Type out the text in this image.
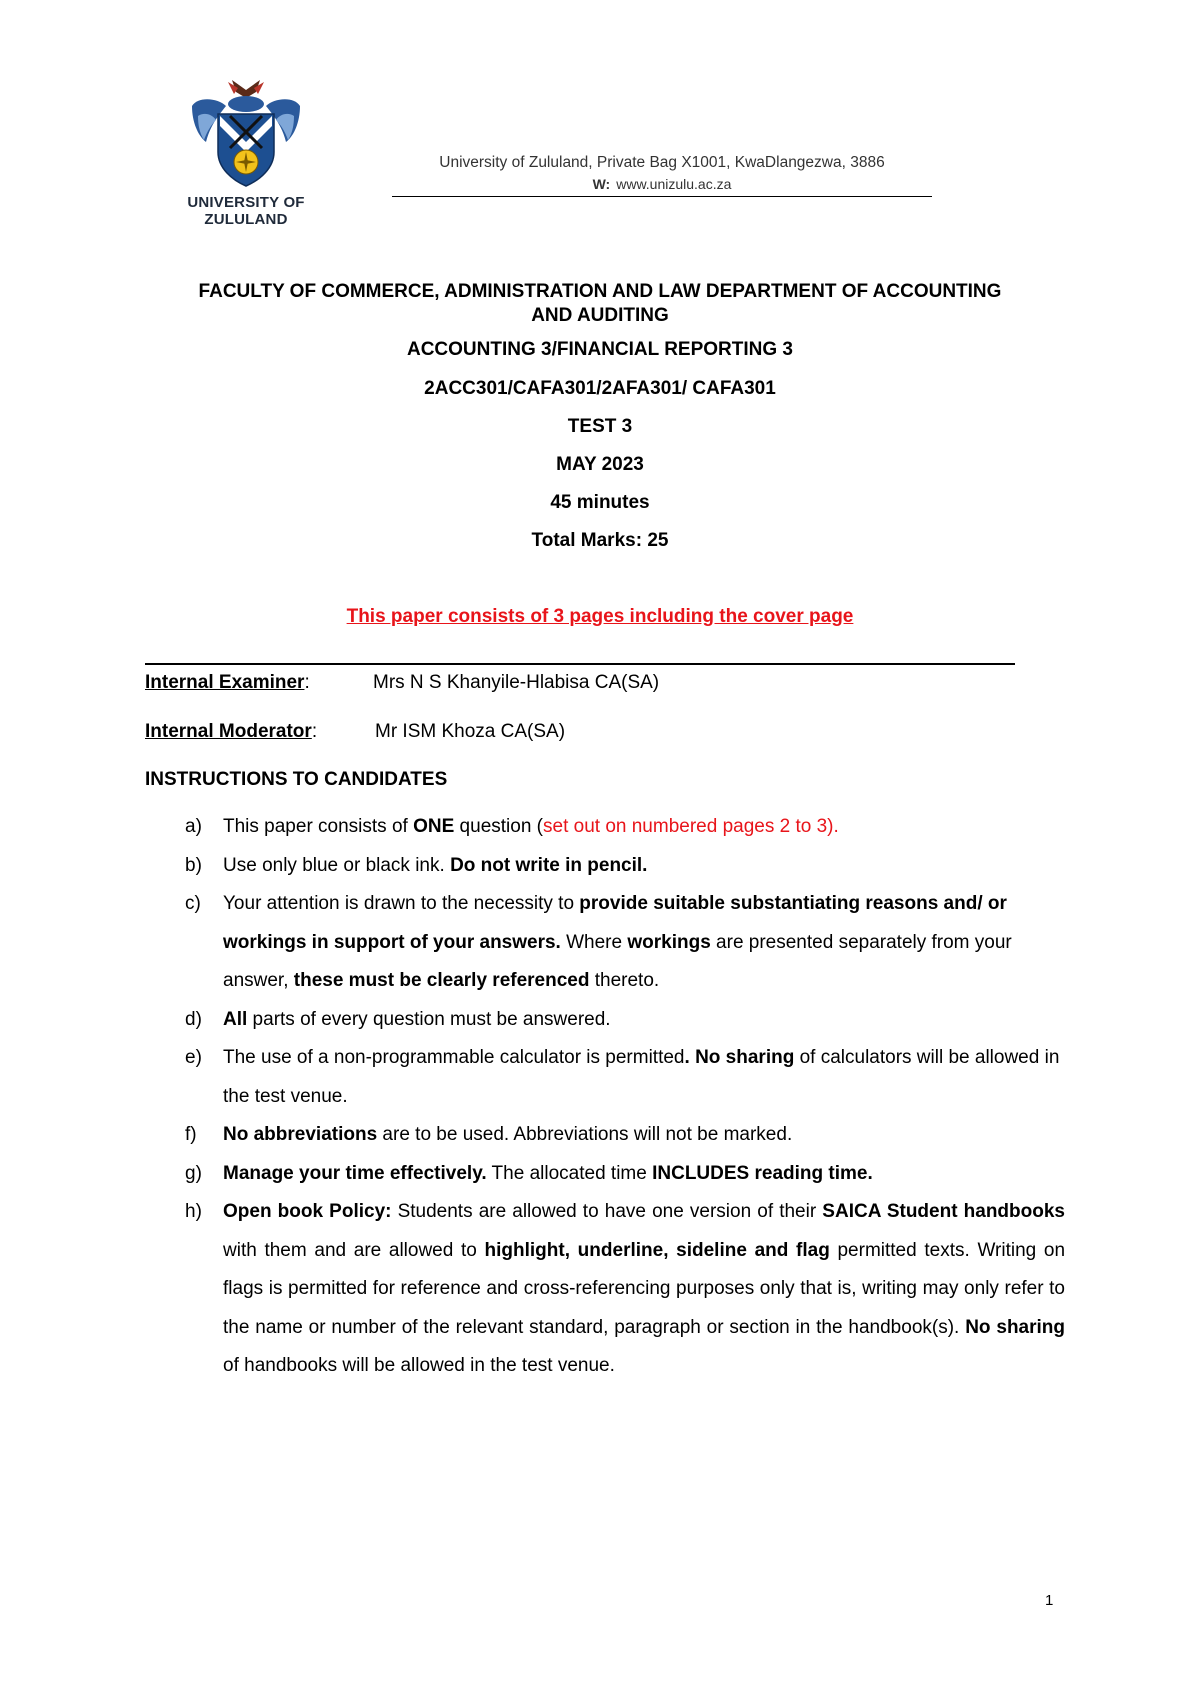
UNIVERSITY OF
ZULULAND
University of Zululand, Private Bag X1001, KwaDlangezwa, 3886
W: www.unizulu.ac.za
FACULTY OF COMMERCE, ADMINISTRATION AND LAW DEPARTMENT OF ACCOUNTING AND AUDITING
ACCOUNTING 3/FINANCIAL REPORTING 3
2ACC301/CAFA301/2AFA301/ CAFA301
TEST 3
MAY 2023
45 minutes
Total Marks: 25
This paper consists of 3 pages including the cover page
Internal Examiner:	Mrs N S Khanyile-Hlabisa CA(SA)
Internal Moderator:	Mr ISM Khoza CA(SA)
INSTRUCTIONS TO CANDIDATES
a) This paper consists of ONE question (set out on numbered pages 2 to 3).
b) Use only blue or black ink. Do not write in pencil.
c) Your attention is drawn to the necessity to provide suitable substantiating reasons and/ or workings in support of your answers. Where workings are presented separately from your answer, these must be clearly referenced thereto.
d) All parts of every question must be answered.
e) The use of a non-programmable calculator is permitted. No sharing of calculators will be allowed in the test venue.
f) No abbreviations are to be used. Abbreviations will not be marked.
g) Manage your time effectively. The allocated time INCLUDES reading time.
h) Open book Policy: Students are allowed to have one version of their SAICA Student handbooks with them and are allowed to highlight, underline, sideline and flag permitted texts. Writing on flags is permitted for reference and cross-referencing purposes only that is, writing may only refer to the name or number of the relevant standard, paragraph or section in the handbook(s). No sharing of handbooks will be allowed in the test venue.
1
